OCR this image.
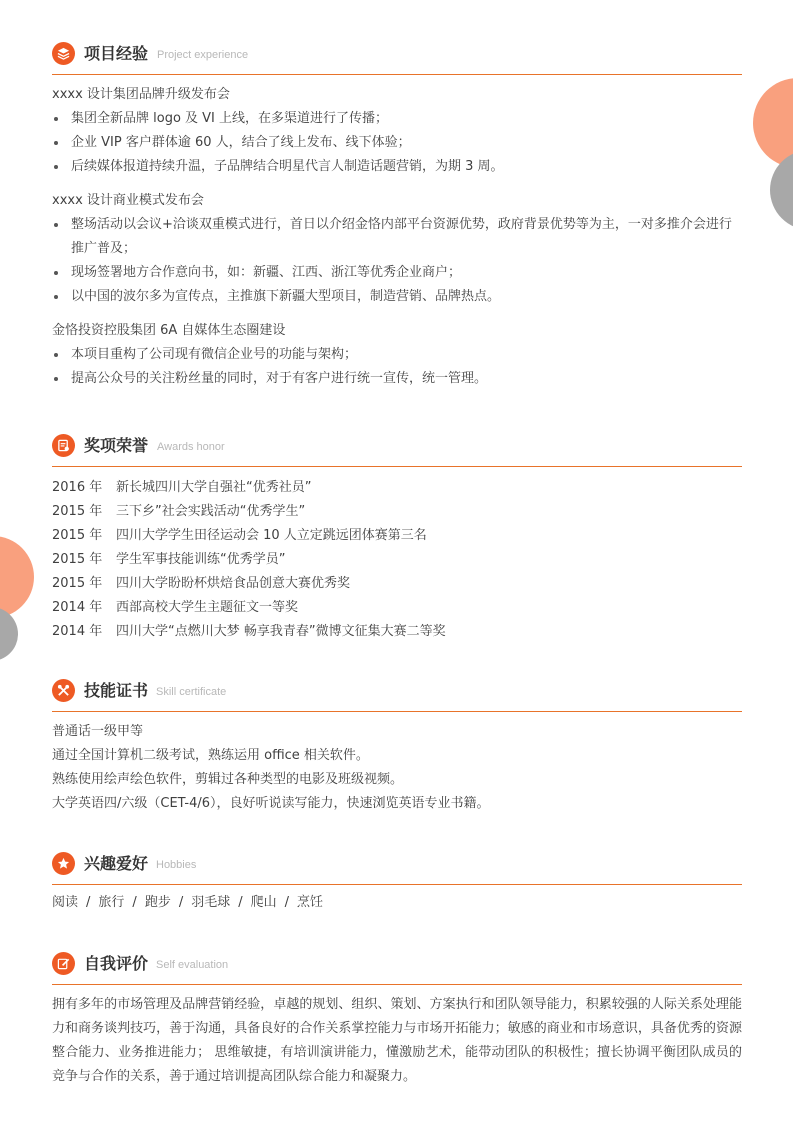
项目经验 Project experience
xxxx 设计集团品牌升级发布会
集团全新品牌 logo 及 VI 上线，在多渠道进行了传播；
企业 VIP 客户群体逾 60 人，结合了线上发布、线下体验；
后续媒体报道持续升温，子品牌结合明星代言人制造话题营销，为期 3 周。
xxxx 设计商业模式发布会
整场活动以会议+洽谈双重模式进行，首日以介绍金恪内部平台资源优势，政府背景优势等为主，一对多推介会进行推广普及；
现场签署地方合作意向书，如：新疆、江西、浙江等优秀企业商户；
以中国的波尔多为宣传点，主推旗下新疆大型项目，制造营销、品牌热点。
金恪投资控股集团 6A 自媒体生态圈建设
本项目重构了公司现有微信企业号的功能与架构；
提高公众号的关注粉丝量的同时，对于有客户进行统一宣传，统一管理。
奖项荣誉 Awards honor
2016 年	新长城四川大学自强社“优秀社员”
2015 年	三下乡”社会实践活动“优秀学生”
2015 年	四川大学学生田径运动会 10 人立定跳远团体赛第三名
2015 年	学生军事技能训练“优秀学员”
2015 年	四川大学盼盼杯烘焙食品创意大赛优秀奖
2014 年	西部高校大学生主题征文一等奖
2014 年	四川大学“点燃川大梦 畅享我青春”微博文征集大赛二等奖
技能证书 Skill certificate
普通话一级甲等
通过全国计算机二级考试，熟练运用 office 相关软件。
熟练使用绘声绘色软件，剪辑过各种类型的电影及班级视频。
大学英语四/六级（CET-4/6），良好听说读写能力，快速浏览英语专业书籍。
兴趣爱好 Hobbies
阅读 / 旅行 / 跑步 / 羽毛球 / 爬山 / 烹饪
自我评价 Self evaluation
拥有多年的市场管理及品牌营销经验，卓越的规划、组织、策划、方案执行和团队领导能力，积累较强的人际关系处理能力和商务谈判技巧，善于沟通，具备良好的合作关系掌控能力与市场开拓能力；敏感的商业和市场意识，具备优秀的资源整合能力、业务推进能力； 思维敏捷，有培训演讲能力，懂激励艺术，能带动团队的积极性；擅长协调平衡团队成员的竞争与合作的关系，善于通过培训提高团队综合能力和凝聚力。
